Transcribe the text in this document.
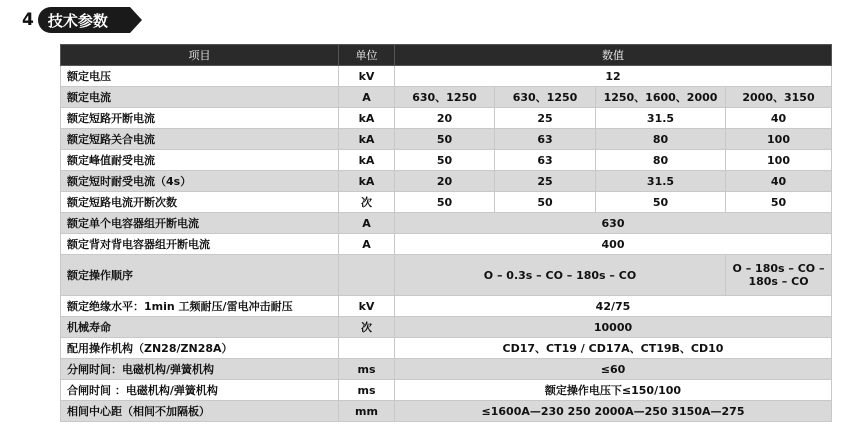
4 技术参数
项目	单位	数值			
额定电压	kV	12			
额定电流	A	630、1250	630、1250	1250、1600、2000	2000、3150
额定短路开断电流	kA	20	25	31.5	40
额定短路关合电流	kA	50	63	80	100
额定峰值耐受电流	kA	50	63	80	100
额定短时耐受电流（4s）	kA	20	25	31.5	40
额定短路电流开断次数	次	50	50	50	50
额定单个电容器组开断电流	A	630			
额定背对背电容器组开断电流	A	400			
额定操作顺序		O – 0.3s – CO – 180s – CO			O – 180s – CO – 180s – CO
额定绝缘水平：1min 工频耐压/雷电冲击耐压	kV	42/75			
机械寿命	次	10000			
配用操作机构（ZN28/ZN28A）		CD17、CT19 / CD17A、CT19B、CD10			
分闸时间：电磁机构/弹簧机构	ms	≤60			
合闸时间 ：电磁机构/弹簧机构	ms	额定操作电压下≤150/100			
相间中心距（相间不加隔板）	mm	≤1600A—230 250 2000A—250 3150A—275			
